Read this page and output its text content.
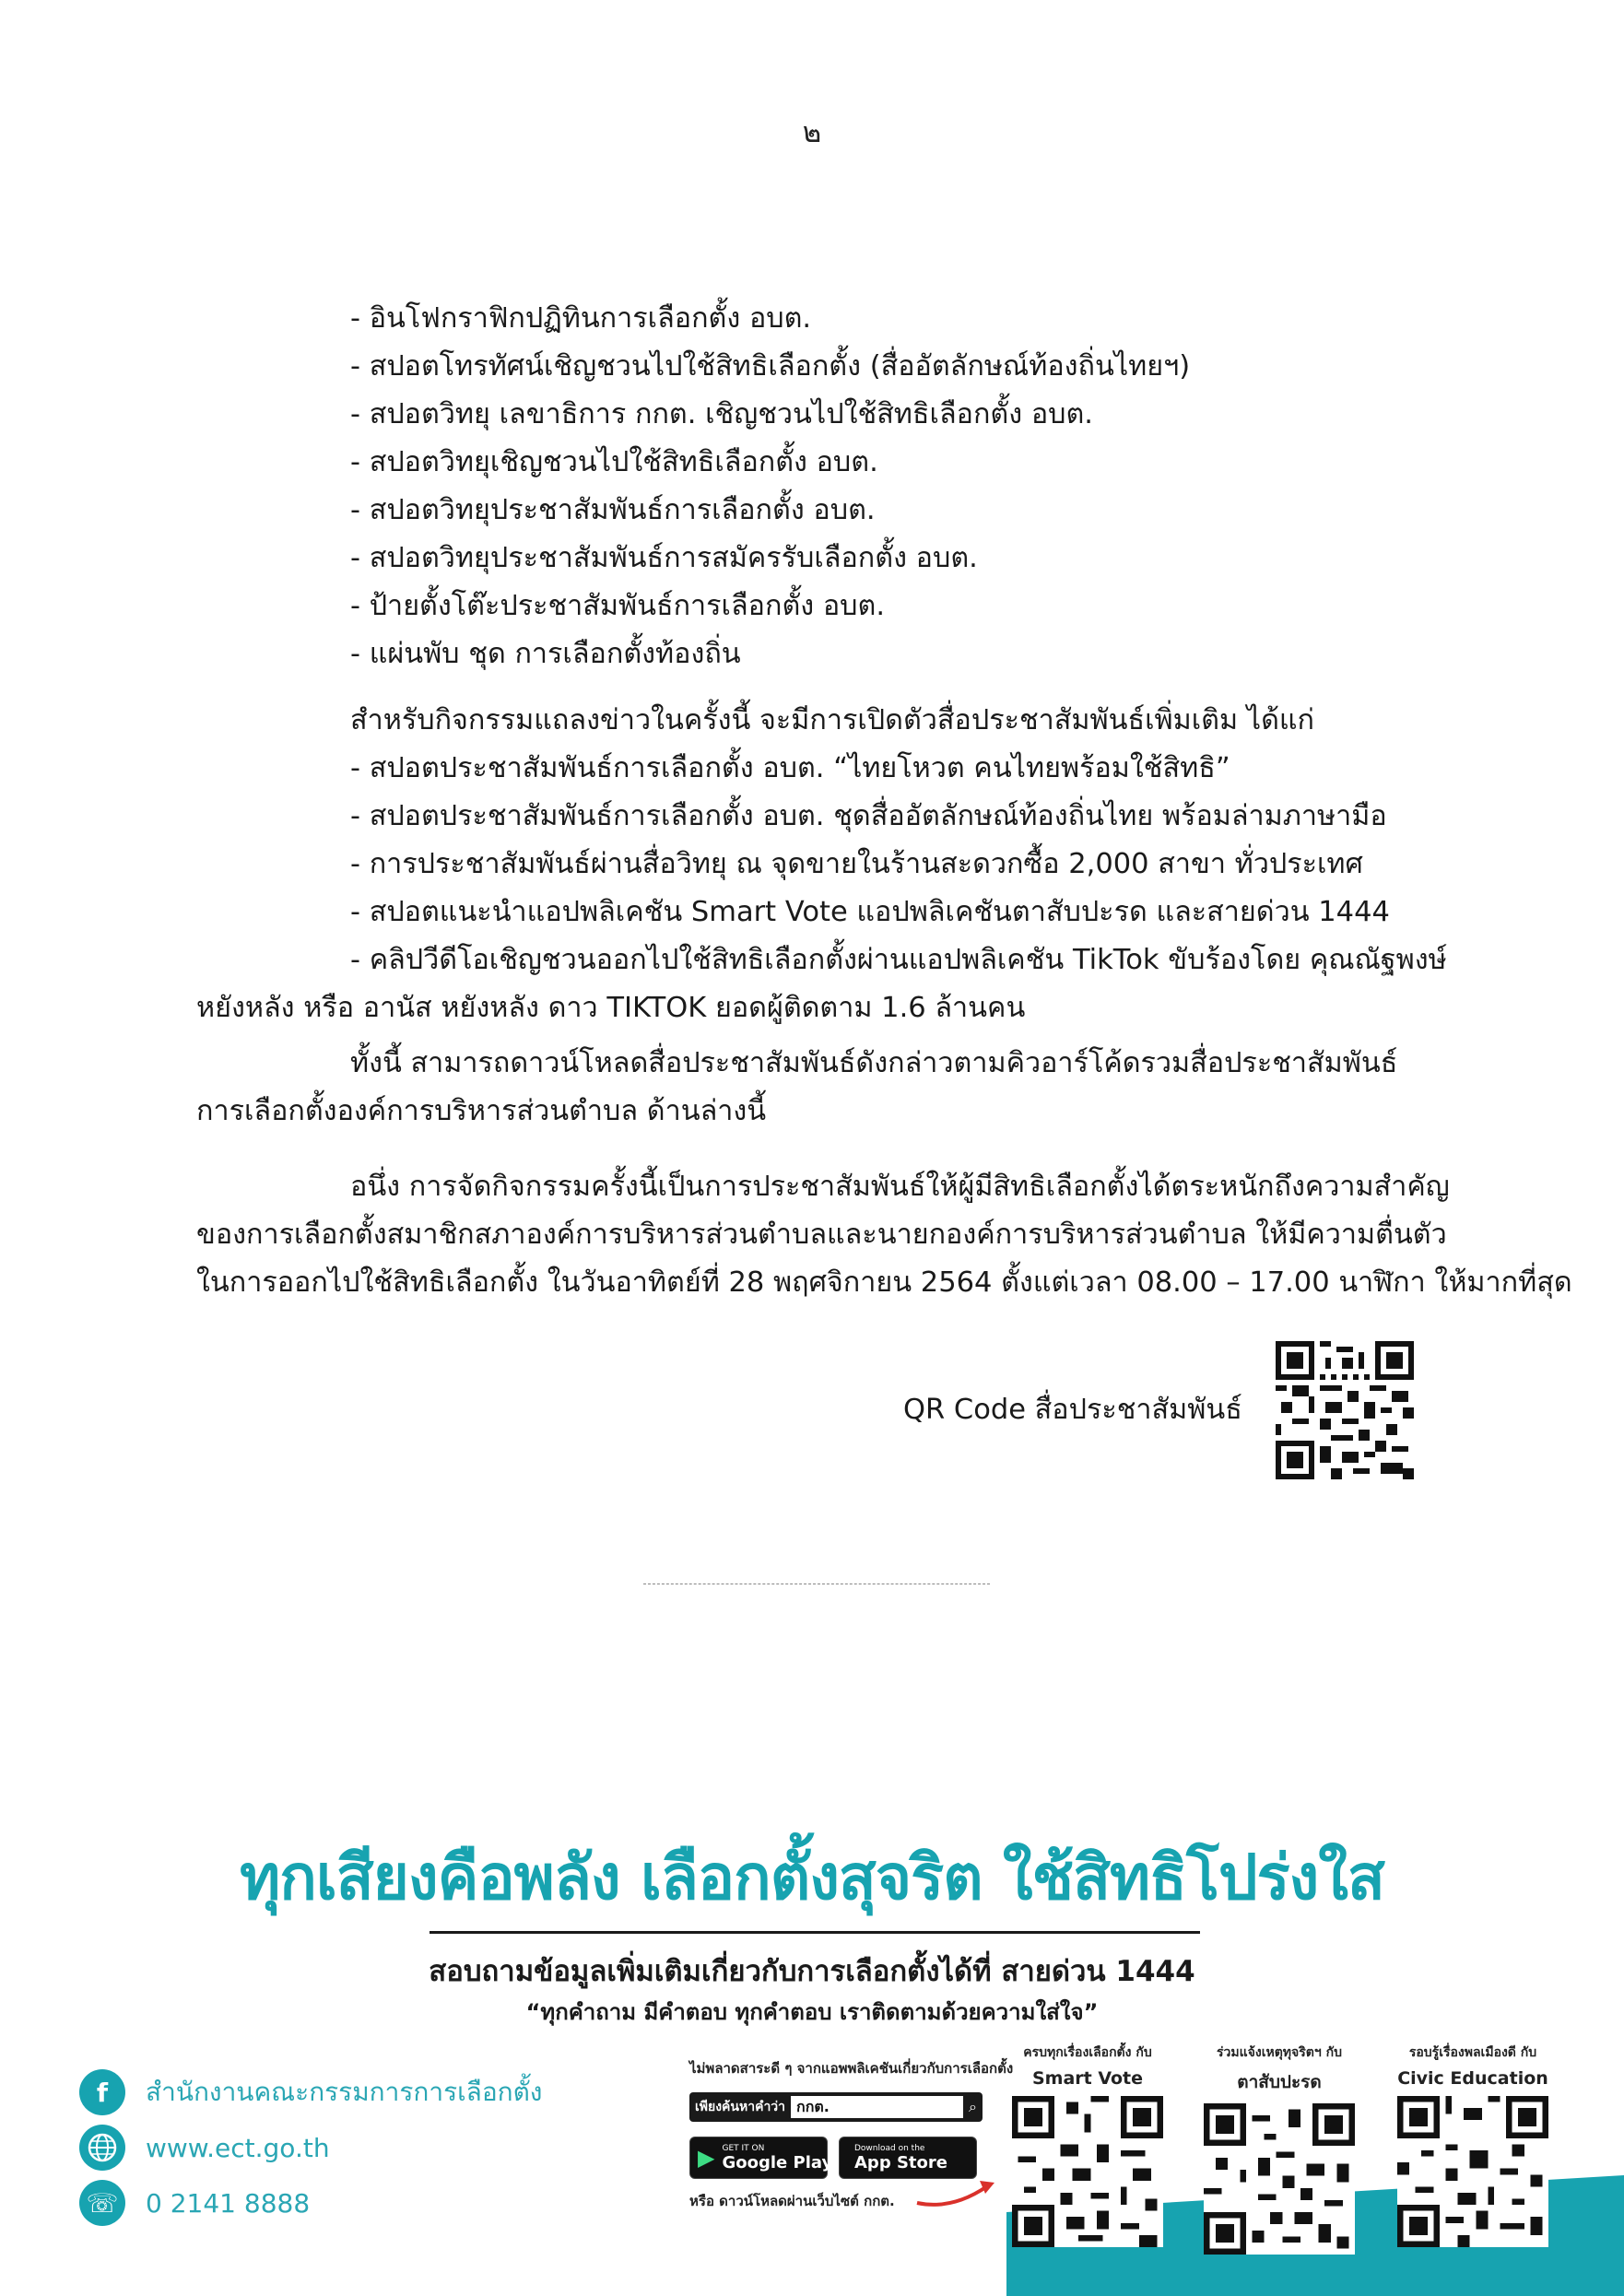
๒
- อินโฟกราฟิกปฏิทินการเลือกตั้ง อบต.
- สปอตโทรทัศน์เชิญชวนไปใช้สิทธิเลือกตั้ง (สื่ออัตลักษณ์ท้องถิ่นไทยฯ)
- สปอตวิทยุ เลขาธิการ กกต. เชิญชวนไปใช้สิทธิเลือกตั้ง อบต.
- สปอตวิทยุเชิญชวนไปใช้สิทธิเลือกตั้ง อบต.
- สปอตวิทยุประชาสัมพันธ์การเลือกตั้ง อบต.
- สปอตวิทยุประชาสัมพันธ์การสมัครรับเลือกตั้ง อบต.
- ป้ายตั้งโต๊ะประชาสัมพันธ์การเลือกตั้ง อบต.
- แผ่นพับ ชุด การเลือกตั้งท้องถิ่น
สำหรับกิจกรรมแถลงข่าวในครั้งนี้ จะมีการเปิดตัวสื่อประชาสัมพันธ์เพิ่มเติม ได้แก่
- สปอตประชาสัมพันธ์การเลือกตั้ง อบต. “ไทยโหวต คนไทยพร้อมใช้สิทธิ”
- สปอตประชาสัมพันธ์การเลือกตั้ง อบต. ชุดสื่ออัตลักษณ์ท้องถิ่นไทย พร้อมล่ามภาษามือ
- การประชาสัมพันธ์ผ่านสื่อวิทยุ ณ จุดขายในร้านสะดวกซื้อ 2,000 สาขา ทั่วประเทศ
- สปอตแนะนำแอปพลิเคชัน Smart Vote แอปพลิเคชันตาสับปะรด และสายด่วน 1444
- คลิปวีดีโอเชิญชวนออกไปใช้สิทธิเลือกตั้งผ่านแอปพลิเคชัน TikTok ขับร้องโดย คุณณัฐพงษ์
หยังหลัง หรือ อานัส หยังหลัง ดาว TIKTOK ยอดผู้ติดตาม 1.6 ล้านคน
ทั้งนี้ สามารถดาวน์โหลดสื่อประชาสัมพันธ์ดังกล่าวตามคิวอาร์โค้ดรวมสื่อประชาสัมพันธ์
การเลือกตั้งองค์การบริหารส่วนตำบล ด้านล่างนี้
อนึ่ง การจัดกิจกรรมครั้งนี้เป็นการประชาสัมพันธ์ให้ผู้มีสิทธิเลือกตั้งได้ตระหนักถึงความสำคัญ
ของการเลือกตั้งสมาชิกสภาองค์การบริหารส่วนตำบลและนายกองค์การบริหารส่วนตำบล ให้มีความตื่นตัว
ในการออกไปใช้สิทธิเลือกตั้ง ในวันอาทิตย์ที่ 28 พฤศจิกายน 2564 ตั้งแต่เวลา 08.00 – 17.00 นาฬิกา ให้มากที่สุด
QR Code สื่อประชาสัมพันธ์
ทุกเสียงคือพลัง เลือกตั้งสุจริต ใช้สิทธิโปร่งใส
สอบถามข้อมูลเพิ่มเติมเกี่ยวกับการเลือกตั้งได้ที่ สายด่วน 1444
“ทุกคำถาม มีคำตอบ ทุกคำตอบ เราติดตามด้วยความใส่ใจ”
f	สำนักงานคณะกรรมการการเลือกตั้ง
www.ect.go.th
☏ 0 2141 8888
ไม่พลาดสาระดี ๆ จากแอพพลิเคชันเกี่ยวกับการเลือกตั้ง
เพียงค้นหาคำว่า กกต.	⌕
▶ GET IT ON
Google Play
Download on the
App Store
หรือ ดาวน์โหลดผ่านเว็บไซต์ กกต.
ครบทุกเรื่องเลือกตั้ง กับ
Smart Vote
ร่วมแจ้งเหตุทุจริตฯ กับ
ตาสับปะรด
รอบรู้เรื่องพลเมืองดี กับ
Civic Education
